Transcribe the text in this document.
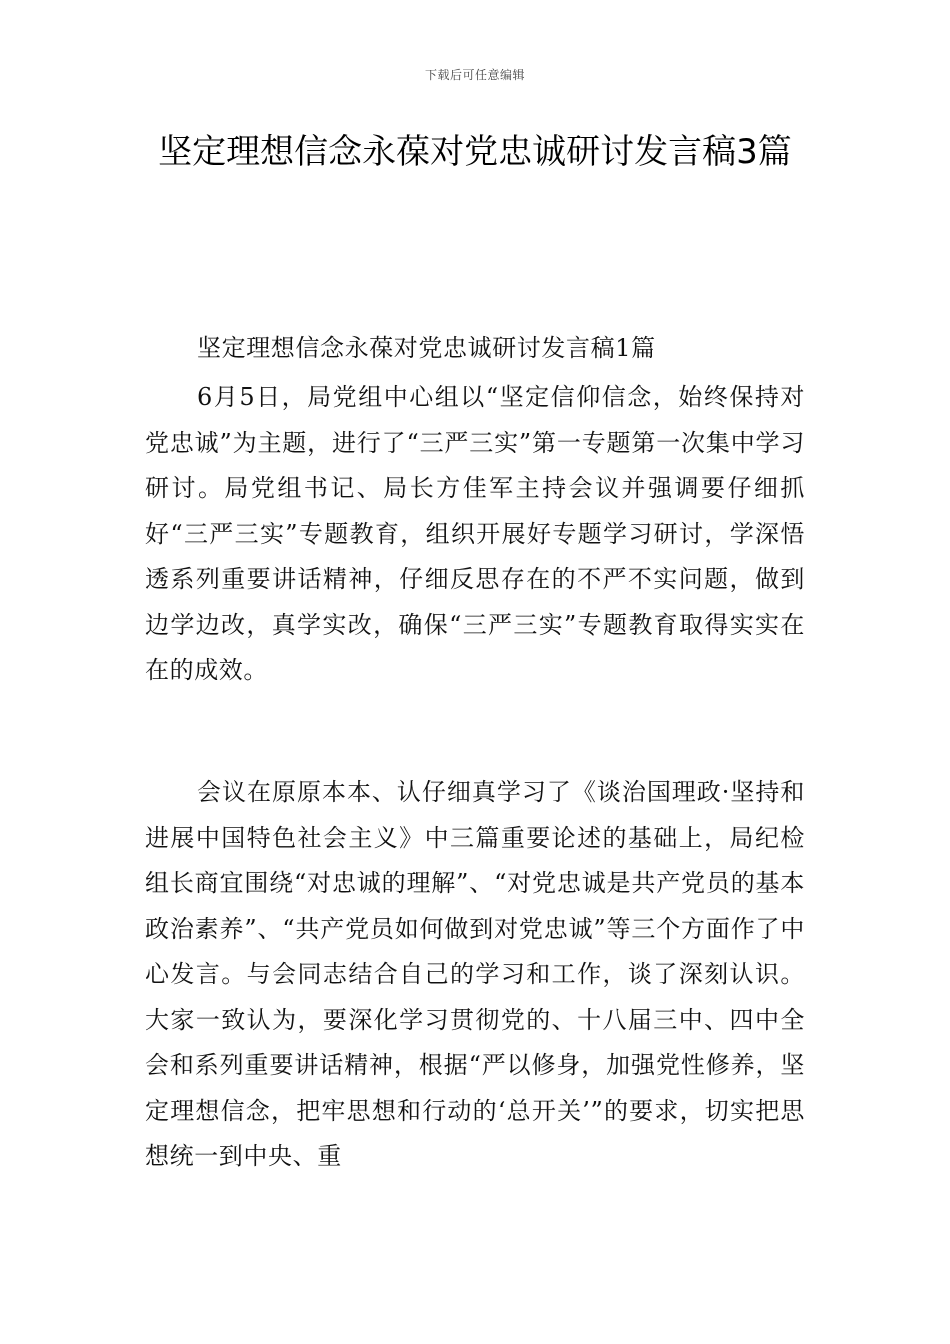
下载后可任意编辑
坚定理想信念永葆对党忠诚研讨发言稿3篇

坚定理想信念永葆对党忠诚研讨发言稿1篇

6月5日，局党组中心组以“坚定信仰信念，始终保持对党忠诚”为主题，进行了“三严三实”第一专题第一次集中学习研讨。局党组书记、局长方佳军主持会议并强调要仔细抓好“三严三实”专题教育，组织开展好专题学习研讨，学深悟透系列重要讲话精神，仔细反思存在的不严不实问题，做到边学边改，真学实改，确保“三严三实”专题教育取得实实在在的成效。

会议在原原本本、认仔细真学习了《谈治国理政·坚持和进展中国特色社会主义》中三篇重要论述的基础上，局纪检组长商宜围绕“对忠诚的理解”、“对党忠诚是共产党员的基本政治素养”、“共产党员如何做到对党忠诚”等三个方面作了中心发言。与会同志结合自己的学习和工作，谈了深刻认识。大家一致认为，要深化学习贯彻党的、十八届三中、四中全会和系列重要讲话精神，根据“严以修身，加强党性修养，坚定理想信念，把牢思想和行动的‘总开关’”的要求，切实把思想统一到中央、重
